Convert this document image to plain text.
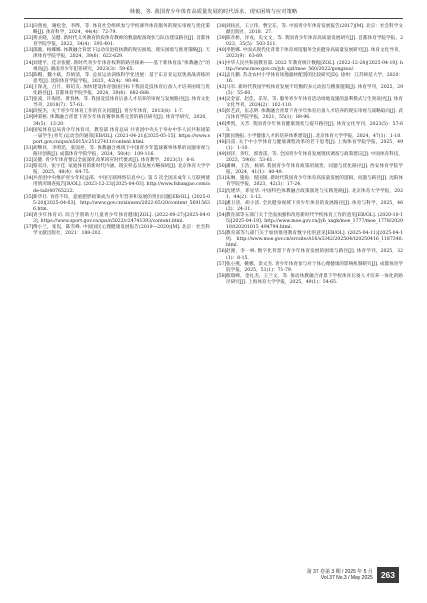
林俊，等. 我国青少年体育高质量发展的时代诉求、现实困境与应对策略
[21] 向照虎，谢松金，李晔，等. 体育社会组织参与学校课外体育服务的现实审视与优化策略[J]. 体育科学，2024，44(4)：72-79.
[22] 黄圣晓，吴健. 新时代义务教育阶段体育教师的数量配备现状与队伍建设路径[J]. 首都体育学院学报，2022，34(4)：393-401.
[23] 邵薇，杨娜娜. 体教融合背景下运动员退役执教的现实困境、现实困境与推进策略[J]. 天津体育学院学报，2024，39(6)：622-629.
[24] 刘建平，佳亲张健. 新时代青少年体育权利的路径探索——基于新体育法“体教融合”的视角[J]. 湖南青少年犯罪研究，2023(3)：59-65.
[25] 陈帽，魏小斌，苏炳清，等. 总贫运动训练科学化进展：基于东京亚运双奥备战训练的思考[J]. 沈阳体育学院学报，2023，42(4)：90-98.
[26] 王保龙，吕月，韩培友. 加快建设体育强国目标下我国竞技体育后备人才培养困境与优化路径[J]. 首都体育学院学报，2024，39(6)：682-688.
[27] 张凌，许海瑶，黄春林，等. 我国竞技体育后备人才培养的审视与发展路径[J]. 体育文化导刊，2018(7)：57-61.
[28] 段悦杰，关于青少年体育工作的有关问题[J]. 青少年体育，2013(8)：1-7.
[29] 钟秉枢. 体教融合背景下青少年体育赛事体系完善的路径研究[J]. 体育学研究，2020，34(5)：13-20.
[30] 国家体育总局青少年体育司，教育部 体育总局 共青团中央关于举办中华人民共和国第一届学生(青年)运动会的通知[EB/OL]. (2021-04-21)[2025-05-15]. https://www.sport.gov.cn/qss/n5015/c25127411/content.html.
[31] 胡继祥，李明迅，张国亮，等. 体教融合视域下中国青少年篮球赛事体系的问题审视与路径创新[J]. 成都体育学院学报，2024，50(4)：109-116.
[32] 吴健. 青少年体育要以全面深化改革回应时代要求[J]. 体育教学，2023(3)：6-8.
[33] 蔡双洋，张宇佳. 家庭体育的新时代内涵、现实样态及发展方略探析[J]. 北京体育大学学报，2025，48(4)：64-75.
[34] 共青团中央维护青少年权益部，中国互联网络信息中心. 第 5 次全国未成年人互联网使用情况调查报告[R/OL]. (2023-12-23)[2025-04-03]. http://www.fsbangao.com/ade-tail/40765222.
[35] 新华社. 食荐不均，超重肥胖政策成为青少年营养和发展的突出问题[EB/OL]. (2025-05-20)[2025-04-03]. http://www.gov.cn/xinwen/2022-05/20/content_56915636.htm.
[36] 青少年体育司. 综合手册助力儿童青少年体育健康[ZOL]. (2022-09-27)[2025-04-03]. https://www.sport.gov.cn/qss/n5022/c24741393/content.html.
[37] 傅小兰，张侃，陈雪峰. 中国国民心理健康发展报告(2019—2020)[M]. 北京：社会科学文献出版社，2021：188-202.
[38] 刘扶民，王立伟，曹宝东，等. 中国青少年体育发展报告(2017)[M]. 北京：社会科学文献出版社，2018：27.
[39] 陈肯桥，洋戎，史文文，等. 我国青少年体育高质量发展研究[J]. 首都体育学院学报，2023，35(5)：503-511.
[40] 李艳娜. 中国式现代化背景下体育场馆服务全民健身高质量发展研究[J]. 体育文化导刊，2023(9)：63-69.
[41] 中华人民共和国教育部. 2022 年教育统计数据[ZOL]. (2022-12-28)[2025-04-10]. http://www.moe.gov.cn/jyb_sjzl/moe_560/2022/gongzuo/.
[42] 孟凡鹏. 苏北农村小学体育场地器材配置的比较研究[D]. 徐州：江苏师范大学，2020：16.
[43] 马军. 新时代我国学校体育发展不均衡的多元动因与精准施策[J]. 体育学刊，2022，29(5)：55-60.
[44] 吴金富，赵佳，乐军，等. 服务青少年体育活动场地设施的盈利模式与生效途径[J]. 体育文化导刊，2024(2)：102-110.
[45] 彭艺武，伍志明. 体教融合背景下青少年体育后备人才培养的现实审视与战略取向[J]. 武汉体育学院学报，2021，55(1)：89-96.
[46] 季凯，关芳. 我国青少年体育健康现状与提升路径[J]. 体育文化导刊，2023(5)：57-63.
[47] 新民晚报. 小学健康人才的培养体系建设[J]. 北京体育大学学报，2024，47(1)：1-10.
[48] 冯雷. 关于中小学体育与健康课程改革的若干思考[J]. 上海体育学院学报，2025，49(1)：1-10.
[49] 刘洋，李红，郭春雷，等. 全国青少年体育发展现状调查与政策建议[J]. 中国体育科技，2023，59(6)：53-61.
[50] 潘琳，王浩，杨锁. 我国青少年体育政策的演变、问题与优化路径[J]. 西安体育学院学报，2024，41(1)：40-49.
[51] 朱琳，施海，倪国银. 新时代我国青少年体育高质量发展的逻辑、问题与路径[J]. 沈阳体育学院学报，2023，42(3)：17-24.
[52] 沈建华，邓星华. 中国特色体教融合政策演进与实践进路[J]. 北京体育大学学报，2021，44(2)：1-12.
[53] 潘卫清，胡小清. 全民健身视域下青少年体育的发展路径[J]. 体育与科学，2025，46(2)：24-31.
[54] 教育部等五部门关于全面加强和改进新时代学校体育工作的意见[EB/OL]. (2020-10-15)[2025-04-19]. http://www.moe.gov.cn/jyb_xxgk/moe_1777/moe_1778/202010/t20201015_494794.html.
[55] 教育部等九部门关于加快推进教育数字化的意见[EB/OL]. (2025-04-11)[2025-04-19]. http://www.moe.gov.cn/srcsite/A16/s3342/202504/t20250416_1187340.html.
[56] 赵源，李一林. 数字化背景下青少年体育发展的困境与路径[J]. 体育学刊，2025，32(1)：8-15.
[57] 张小燕，姚娜，余文杰. 青少年体育参与对个体心理健康的影响机制研究[J]. 成都体育学院学报，2025，51(1)：71-79.
[58] 熊瑞峰，金礼杰，王兰文，等. 推动体教融合背景下学校体育后备人才培养一体化的路径研究[J]. 上海体育大学学报，2025，49(1)：54-65.
第 37 卷第 3 期 / 2025 年 5 月
Vol.37 No.3 / May 2025 263
